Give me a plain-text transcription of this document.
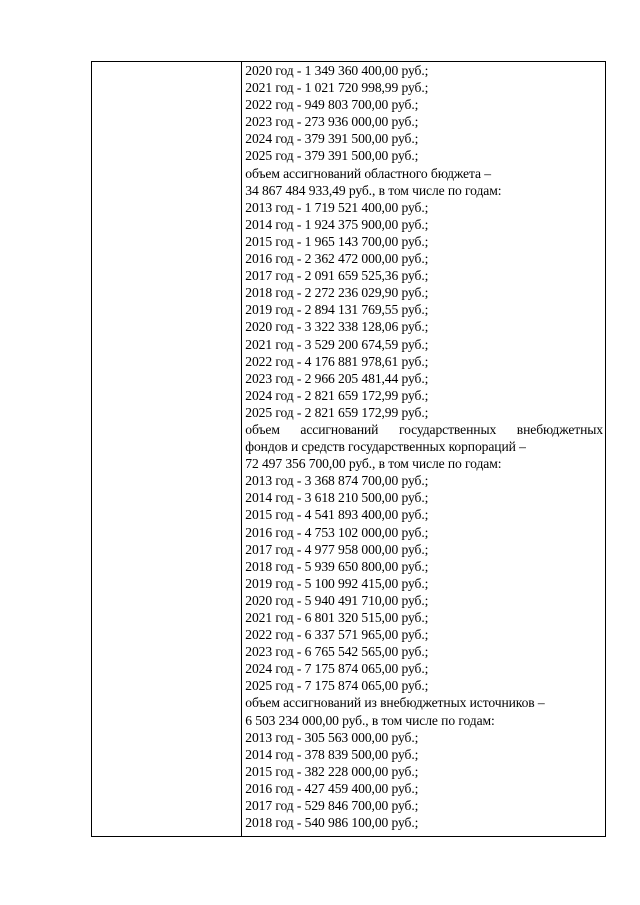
2020 год - 1 349 360 400,00 руб.;
2021 год - 1 021 720 998,99 руб.;
2022 год - 949 803 700,00 руб.;
2023 год - 273 936 000,00 руб.;
2024 год - 379 391 500,00 руб.;
2025 год - 379 391 500,00 руб.;
объем ассигнований областного бюджета –
34 867 484 933,49 руб., в том числе по годам:
2013 год - 1 719 521 400,00 руб.;
2014 год - 1 924 375 900,00 руб.;
2015 год - 1 965 143 700,00 руб.;
2016 год - 2 362 472 000,00 руб.;
2017 год - 2 091 659 525,36 руб.;
2018 год - 2 272 236 029,90 руб.;
2019 год - 2 894 131 769,55 руб.;
2020 год - 3 322 338 128,06 руб.;
2021 год - 3 529 200 674,59 руб.;
2022 год - 4 176 881 978,61 руб.;
2023 год - 2 966 205 481,44 руб.;
2024 год - 2 821 659 172,99 руб.;
2025 год - 2 821 659 172,99 руб.;
объем ассигнований государственных внебюджетных
фондов и средств государственных корпораций –
72 497 356 700,00 руб., в том числе по годам:
2013 год - 3 368 874 700,00 руб.;
2014 год - 3 618 210 500,00 руб.;
2015 год - 4 541 893 400,00 руб.;
2016 год - 4 753 102 000,00 руб.;
2017 год - 4 977 958 000,00 руб.;
2018 год - 5 939 650 800,00 руб.;
2019 год - 5 100 992 415,00 руб.;
2020 год - 5 940 491 710,00 руб.;
2021 год - 6 801 320 515,00 руб.;
2022 год - 6 337 571 965,00 руб.;
2023 год - 6 765 542 565,00 руб.;
2024 год - 7 175 874 065,00 руб.;
2025 год - 7 175 874 065,00 руб.;
объем ассигнований из внебюджетных источников –
6 503 234 000,00 руб., в том числе по годам:
2013 год - 305 563 000,00 руб.;
2014 год - 378 839 500,00 руб.;
2015 год - 382 228 000,00 руб.;
2016 год - 427 459 400,00 руб.;
2017 год - 529 846 700,00 руб.;
2018 год - 540 986 100,00 руб.;
